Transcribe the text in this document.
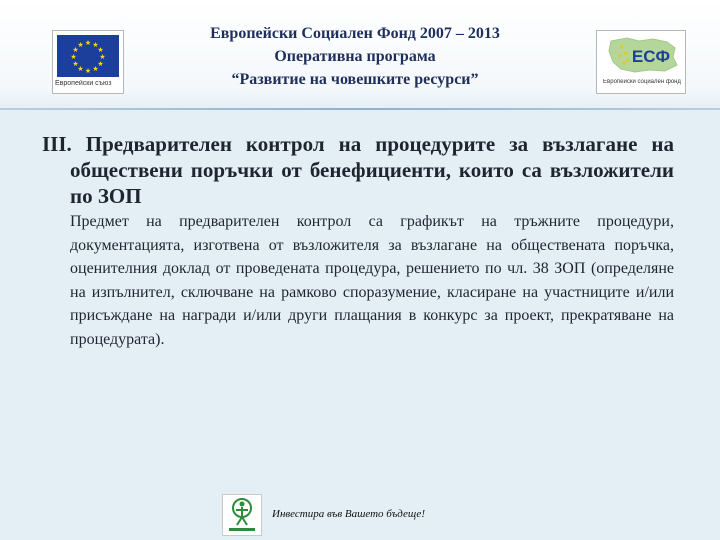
★ ★
★
★
★
★
★
★
★
★
★
★
Европейски съюз
Европейски Социален Фонд 2007 – 2013
Оперативна програма
“Развитие на човешките ресурси”
ЕСФ
★
★
★
★
★
Европейски социален фонд
III. Предварителен контрол на процедурите за възлагане на обществени поръчки от бенефициенти, които са възложители по ЗОП
Предмет на предварителен контрол са графикът на тръжните процедури, документацията, изготвена от възложителя за възлагане на обществената поръчка, оценителния доклад от проведената процедура, решението по чл. 38 ЗОП (определяне на изпълнител, сключване на рамково споразумение, класиране на участниците и/или присъждане на награди и/или други плащания в конкурс за проект, прекратяване на процедурата).
Инвестира във Вашето бъдеще!
